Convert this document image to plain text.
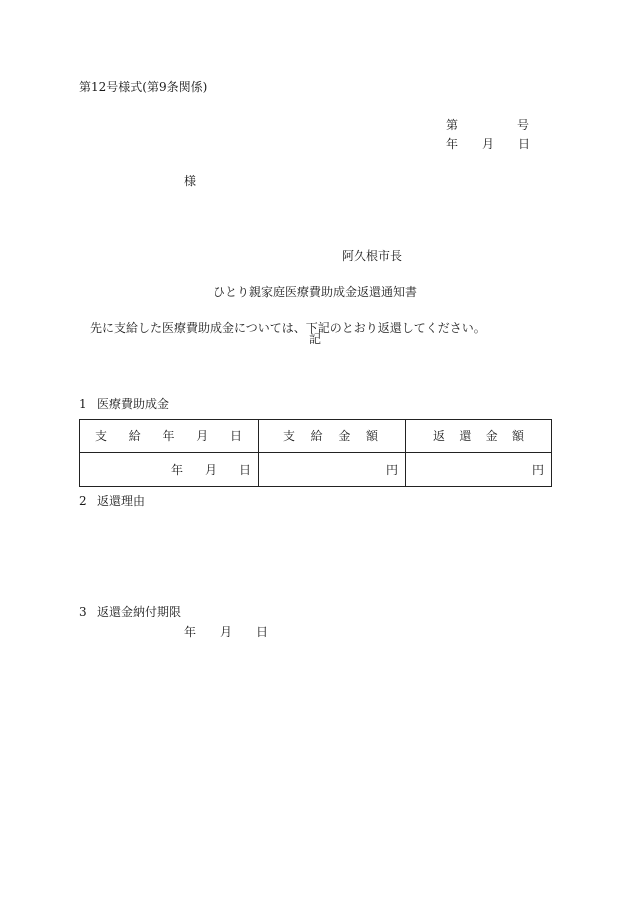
第12号様式(第9条関係)
第	号
年 月 日
様
阿久根市長
ひとり親家庭医療費助成金返還通知書
先に支給した医療費助成金については、下記のとおり返還してください。
記
1 医療費助成金
支 給 年 月 日	支 給 金 額	返 還 金 額

年 月 日	円	円
2 返還理由
3 返還金納付期限
年 月 日
